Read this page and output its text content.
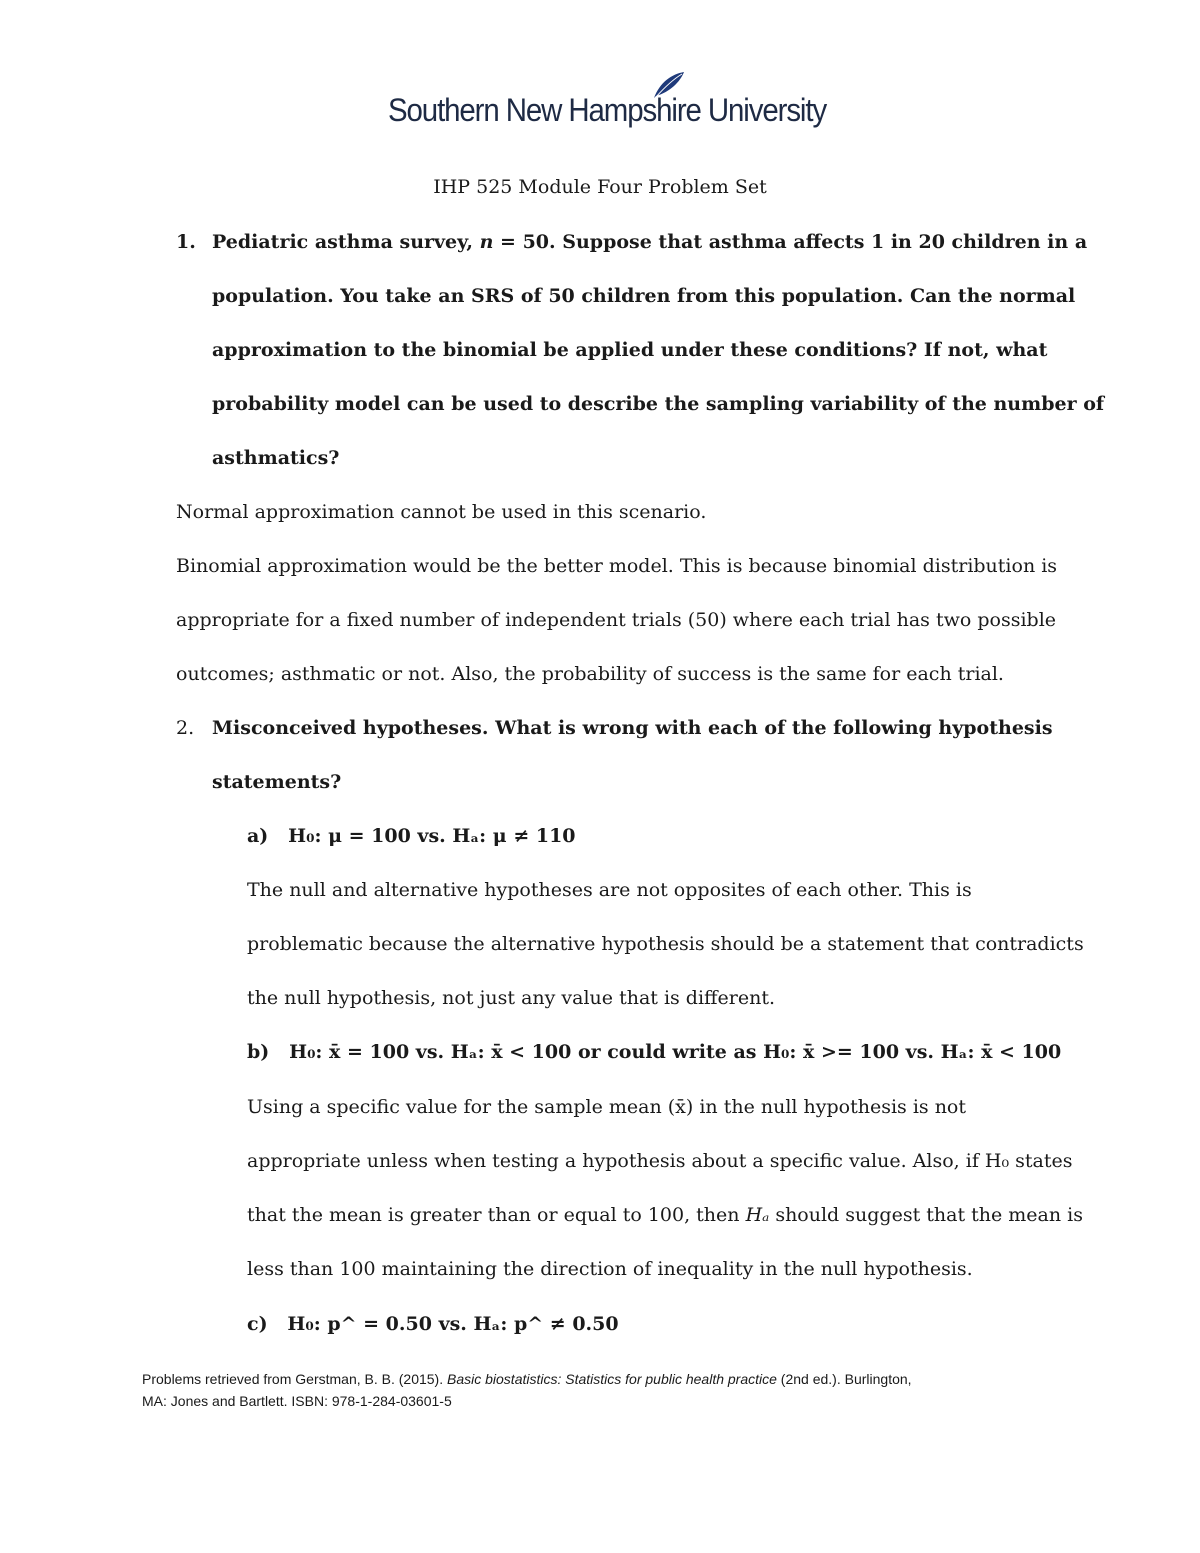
Southern New Hampshire University
IHP 525 Module Four Problem Set
1. Pediatric asthma survey, n = 50. Suppose that asthma affects 1 in 20 children in a
population. You take an SRS of 50 children from this population. Can the normal
approximation to the binomial be applied under these conditions? If not, what
probability model can be used to describe the sampling variability of the number of
asthmatics?
Normal approximation cannot be used in this scenario.
Binomial approximation would be the better model. This is because binomial distribution is
appropriate for a fixed number of independent trials (50) where each trial has two possible
outcomes; asthmatic or not. Also, the probability of success is the same for each trial.
2. Misconceived hypotheses. What is wrong with each of the following hypothesis
statements?
a) H₀: μ = 100 vs. Hₐ: μ ≠ 110
The null and alternative hypotheses are not opposites of each other. This is
problematic because the alternative hypothesis should be a statement that contradicts
the null hypothesis, not just any value that is different.
b) H₀: x̄ = 100 vs. Hₐ: x̄ < 100 or could write as H₀: x̄ >= 100 vs. Hₐ: x̄ < 100
Using a specific value for the sample mean (x̄) in the null hypothesis is not
appropriate unless when testing a hypothesis about a specific value. Also, if H₀ states
that the mean is greater than or equal to 100, then Hₐ should suggest that the mean is
less than 100 maintaining the direction of inequality in the null hypothesis.
c) H₀: p^ = 0.50 vs. Hₐ: p^ ≠ 0.50
Problems retrieved from Gerstman, B. B. (2015). Basic biostatistics: Statistics for public health practice (2nd ed.). Burlington,
MA: Jones and Bartlett. ISBN: 978-1-284-03601-5
